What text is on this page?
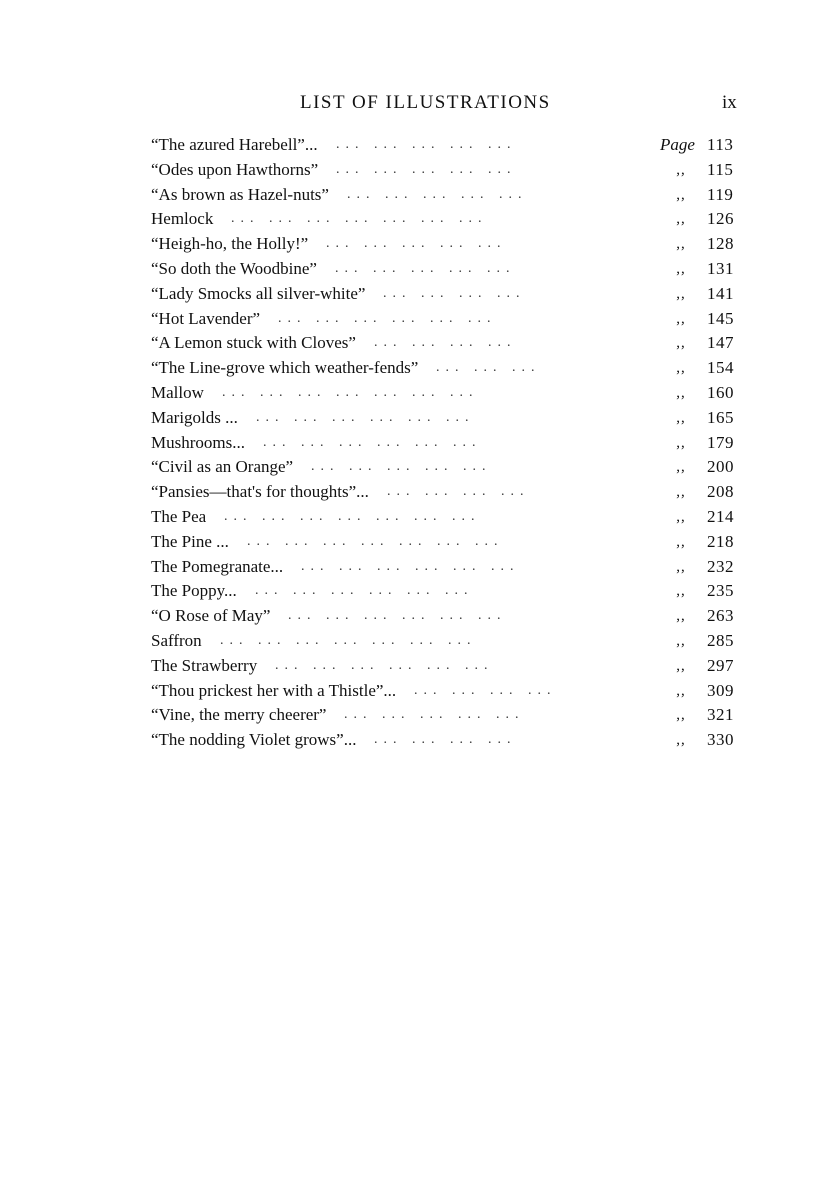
LIST OF ILLUSTRATIONS	ix
“The azured Harebell”... ... ... ... ... ...	Page 113
“Odes upon Hawthorns”	,,	115
... ... ... ... ...
“As brown as Hazel-nuts”	,,	119
... ... ... ... ...
Hemlock	,,	126
... ... ... ... ... ... ...
“Heigh-ho, the Holly!”	,,	128
... ... ... ... ...
“So doth the Woodbine”	,,	131
... ... ... ... ...
“Lady Smocks all silver-white”	,,	141
... ... ... ...
“Hot Lavender”	,,	145
... ... ... ... ... ...
“A Lemon stuck with Cloves”	,,	147
... ... ... ...
“The Line-grove which weather-fends”	,,	154
... ... ...
Mallow	,,	160
... ... ... ... ... ... ...
Marigolds ...	,,	165
... ... ... ... ... ...
Mushrooms...	,,	179
... ... ... ... ... ...
“Civil as an Orange”	,,	200
... ... ... ... ...
“Pansies—that's for thoughts”...	,,	208
... ... ... ...
The Pea	,,	214
... ... ... ... ... ... ...
The Pine ...	,,	218
... ... ... ... ... ... ...
The Pomegranate...	,,	232
... ... ... ... ... ...
The Poppy...	,,	235
... ... ... ... ... ...
“O Rose of May”	,,	263
... ... ... ... ... ...
Saffron	,,	285
... ... ... ... ... ... ...
The Strawberry	,,	297
... ... ... ... ... ...
“Thou prickest her with a Thistle”...	,,	309
... ... ... ...
“Vine, the merry cheerer”	,,	321
... ... ... ... ...
“The nodding Violet grows”...	,,	330
... ... ... ...
